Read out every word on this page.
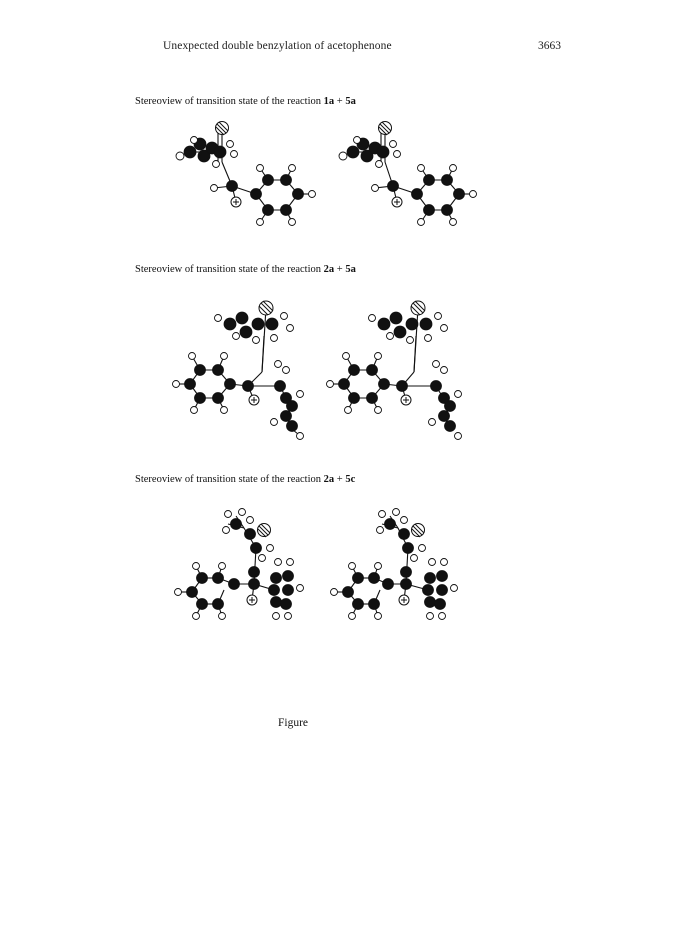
Unexpected double benzylation of acetophenone	3663
Stereoview of transition state of the reaction 1a + 5a
Stereoview of transition state of the reaction 2a + 5a
Stereoview of transition state of the reaction 2a + 5c
Figure
